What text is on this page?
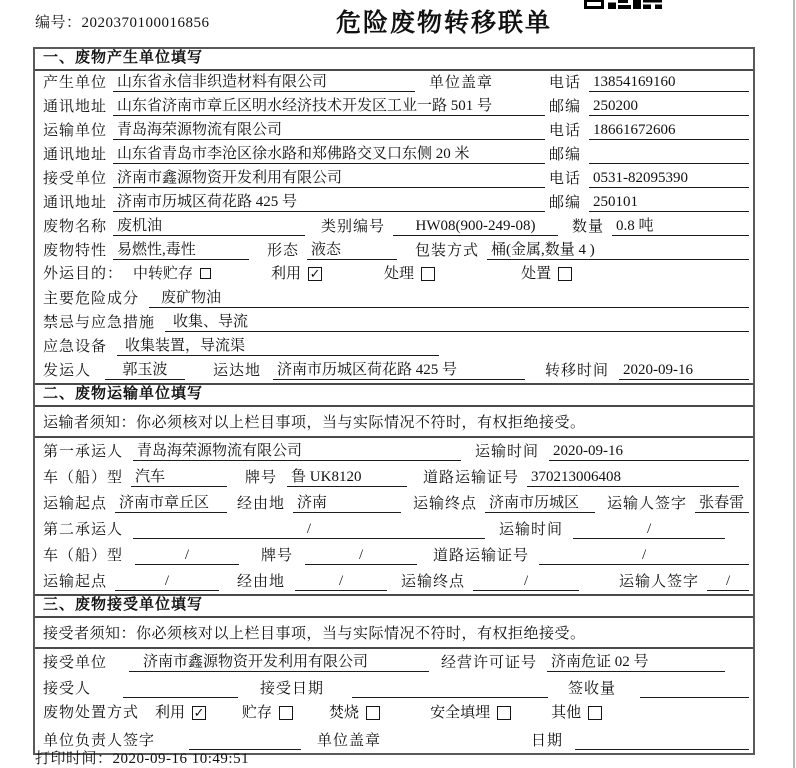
编号：2020370100016856	危险废物转移联单
一、废物产生单位填写
产生单位 山东省永信非织造材料有限公司	单位盖章	电话 13854169160
通讯地址 山东省济南市章丘区明水经济技术开发区工业一路 501 号	邮编 250200
运输单位 青岛海荣源物流有限公司	电话 18661672606
通讯地址 山东省青岛市李沧区徐水路和郑佛路交叉口东侧 20 米	邮编
接受单位 济南市鑫源物资开发利用有限公司	电话 0531-82095390
通讯地址 济南市历城区荷花路 425 号	邮编 250101
废物名称 废机油	类别编号	HW08(900-249-08)	数量 0.8 吨
废物特性 易燃性,毒性	形态 液态	包装方式 桶(金属,数量 4 )
外运目的： 中转贮存	利用 ✓	处理	处置
主要危险成分	废矿物油
禁忌与应急措施	收集、导流
应急设备	收集装置，导流渠
发运人	郭玉波	运达地 济南市历城区荷花路 425 号	转移时间 2020-09-16
二、废物运输单位填写
运输者须知：你必须核对以上栏目事项，当与实际情况不符时，有权拒绝接受。
第一承运人 青岛海荣源物流有限公司	运输时间 2020-09-16
车（船）型 汽车	牌号 鲁 UK8120	道路运输证号 370213006408
运输起点 济南市章丘区	经由地 济南	运输终点 济南市历城区	运输人签字 张春雷
第二承运人	/	运输时间	/
车（船）型	/	牌号	/	道路运输证号	/
运输起点	/	经由地	/	运输终点	/	运输人签字	/
三、废物接受单位填写
接受者须知：你必须核对以上栏目事项，当与实际情况不符时，有权拒绝接受。
接受单位	济南市鑫源物资开发利用有限公司	经营许可证号 济南危证 02 号
接受人	接受日期	签收量
废物处置方式 利用 ✓	贮存	焚烧	安全填埋	其他
单位负责人签字	单位盖章	日期
打印时间：2020-09-16 10:49:51
